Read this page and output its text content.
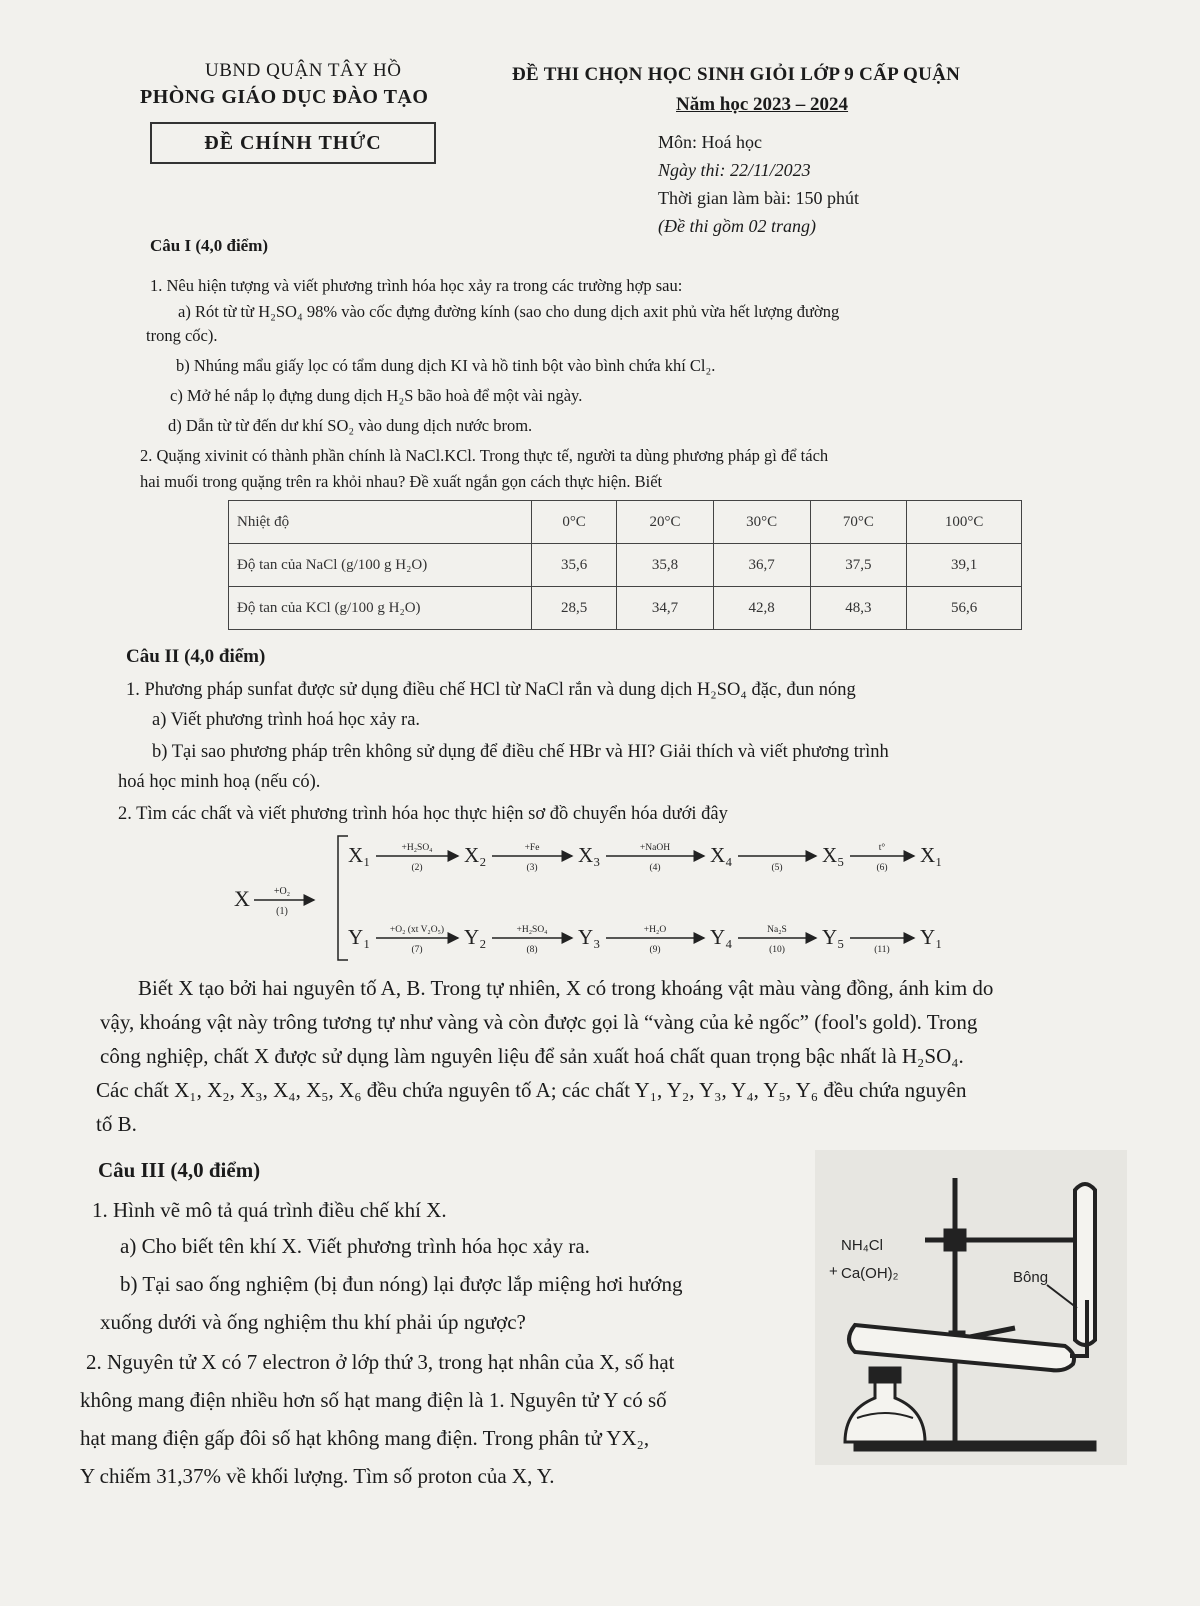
UBND QUẬN TÂY HỒ
PHÒNG GIÁO DỤC ĐÀO TẠO
ĐỀ CHÍNH THỨC
ĐỀ THI CHỌN HỌC SINH GIỎI LỚP 9 CẤP QUẬN
Năm học 2023 – 2024
Môn: Hoá học
Ngày thi: 22/11/2023
Thời gian làm bài: 150 phút
(Đề thi gồm 02 trang)
Câu I (4,0 điểm)
1. Nêu hiện tượng và viết phương trình hóa học xảy ra trong các trường hợp sau:
a) Rót từ từ H₂SO₄ 98% vào cốc đựng đường kính (sao cho dung dịch axit phủ vừa hết lượng đường
trong cốc).
b) Nhúng mẩu giấy lọc có tẩm dung dịch KI và hồ tinh bột vào bình chứa khí Cl₂.
c) Mở hé nắp lọ đựng dung dịch H₂S bão hoà để một vài ngày.
d) Dẫn từ từ đến dư khí SO₂ vào dung dịch nước brom.
2. Quặng xivinit có thành phần chính là NaCl.KCl. Trong thực tế, người ta dùng phương pháp gì để tách
hai muối trong quặng trên ra khỏi nhau? Đề xuất ngắn gọn cách thực hiện. Biết
Nhiệt độ	0°C	20°C	30°C	70°C	100°C
Độ tan của NaCl (g/100 g H₂O)	35,6	35,8	36,7	37,5	39,1
Độ tan của KCl (g/100 g H₂O)	28,5	34,7	42,8	48,3	56,6
Câu II (4,0 điểm)
1. Phương pháp sunfat được sử dụng điều chế HCl từ NaCl rắn và dung dịch H₂SO₄ đặc, đun nóng
a) Viết phương trình hoá học xảy ra.
b) Tại sao phương pháp trên không sử dụng để điều chế HBr và HI? Giải thích và viết phương trình
hoá học minh hoạ (nếu có).
2. Tìm các chất và viết phương trình hóa học thực hiện sơ đồ chuyển hóa dưới đây
X +O₂
(1)
X₁	+H₂SO₄
(2)
X₂	+Fe
(3)
X₃	+NaOH
(4)
X₄
(5)
X₅	t°
(6)
X₁
Y₁ +O₂ (xt V₂O₅)
(7)
Y₂	+H₂SO₄
(8)
Y₃	+H₂O
(9)
Y₄	Na₂S
(10)
Y₅
(11)
Y₁
Biết X tạo bởi hai nguyên tố A, B. Trong tự nhiên, X có trong khoáng vật màu vàng đồng, ánh kim do
vậy, khoáng vật này trông tương tự như vàng và còn được gọi là “vàng của kẻ ngốc” (fool's gold). Trong
công nghiệp, chất X được sử dụng làm nguyên liệu để sản xuất hoá chất quan trọng bậc nhất là H₂SO₄.
Các chất X₁, X₂, X₃, X₄, X₅, X₆ đều chứa nguyên tố A; các chất Y₁, Y₂, Y₃, Y₄, Y₅, Y₆ đều chứa nguyên
tố B.
Câu III (4,0 điểm)
1. Hình vẽ mô tả quá trình điều chế khí X.
a) Cho biết tên khí X. Viết phương trình hóa học xảy ra.
b) Tại sao ống nghiệm (bị đun nóng) lại được lắp miệng hơi hướng
xuống dưới và ống nghiệm thu khí phải úp ngược?
2. Nguyên tử X có 7 electron ở lớp thứ 3, trong hạt nhân của X, số hạt
không mang điện nhiều hơn số hạt mang điện là 1. Nguyên tử Y có số
hạt mang điện gấp đôi số hạt không mang điện. Trong phân tử YX₂,
Y chiếm 31,37% về khối lượng. Tìm số proton của X, Y.
NH₄Cl
+ Ca(OH)₂	Bông
